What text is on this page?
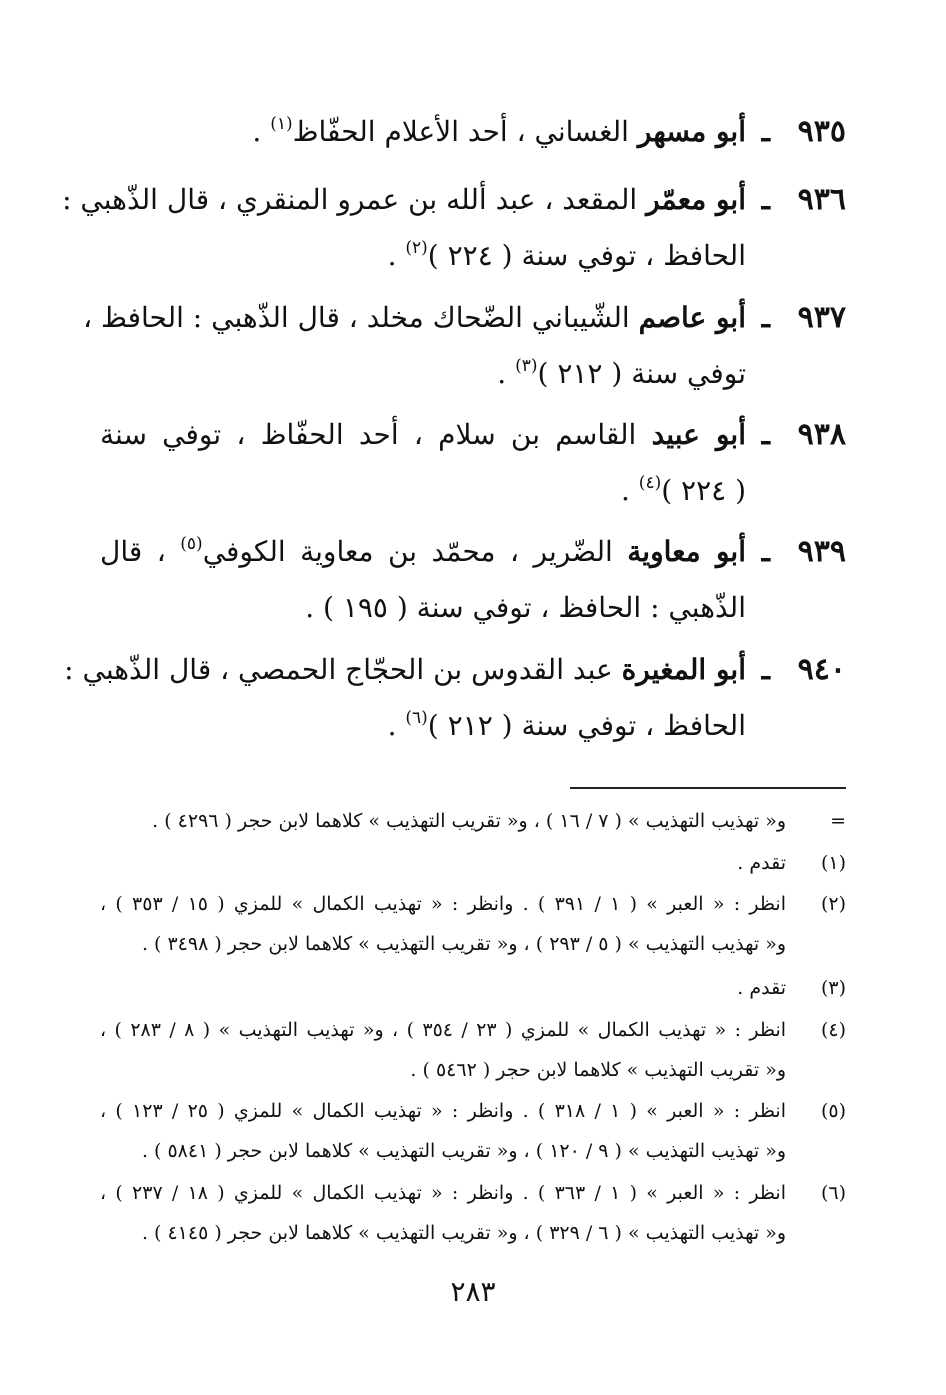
٩٣٥
ـ
أبو مسهر الغساني ، أحد الأعلام الحفّاظ$^{(١)}$ .
٩٣٦
ـ
أبو معمّر المقعد ، عبد ألله بن عمرو المنقري ، قال الذّهبي :
الحافظ ، توفي سنة ( ٢٢٤ )$^{(٢)}$ .
٩٣٧
ـ
أبو عاصم الشّيباني الضّحاك مخلد ، قال الذّهبي : الحافظ ،
توفي سنة ( ٢١٢ )$^{(٣)}$ .
٩٣٨
ـ
أبو عبيد القاسم بن سلام ، أحد الحفّاظ ، توفي سنة
( ٢٢٤ )$^{(٤)}$ .
٩٣٩
ـ
أبو معاوية الضّرير ، محمّد بن معاوية الكوفي$^{(٥)}$ ، قال
الذّهبي : الحافظ ، توفي سنة ( ١٩٥ ) .
٩٤٠
ـ
أبو المغيرة عبد القدوس بن الحجّاج الحمصي ، قال الذّهبي :
الحافظ ، توفي سنة ( ٢١٢ )$^{(٦)}$ .
=
و« تهذيب التهذيب » ( ٧ / ١٦ ) ، و« تقريب التهذيب » كلاهما لابن حجر ( ٤٢٩٦ ) .
(١)
تقدم .
(٢)
انظر : « العبر » ( ١ / ٣٩١ ) . وانظر : « تهذيب الكمال » للمزي ( ١٥ / ٣٥٣ ) ،
و« تهذيب التهذيب » ( ٥ / ٢٩٣ ) ، و« تقريب التهذيب » كلاهما لابن حجر ( ٣٤٩٨ ) .
(٣)
تقدم .
(٤)
انظر : « تهذيب الكمال » للمزي ( ٢٣ / ٣٥٤ ) ، و« تهذيب التهذيب » ( ٨ / ٢٨٣ ) ،
و« تقريب التهذيب » كلاهما لابن حجر ( ٥٤٦٢ ) .
(٥)
انظر : « العبر » ( ١ / ٣١٨ ) . وانظر : « تهذيب الكمال » للمزي ( ٢٥ / ١٢٣ ) ،
و« تهذيب التهذيب » ( ٩ / ١٢٠ ) ، و« تقريب التهذيب » كلاهما لابن حجر ( ٥٨٤١ ) .
(٦)
انظر : « العبر » ( ١ / ٣٦٣ ) . وانظر : « تهذيب الكمال » للمزي ( ١٨ / ٢٣٧ ) ،
و« تهذيب التهذيب » ( ٦ / ٣٢٩ ) ، و« تقريب التهذيب » كلاهما لابن حجر ( ٤١٤٥ ) .
٢٨٣
